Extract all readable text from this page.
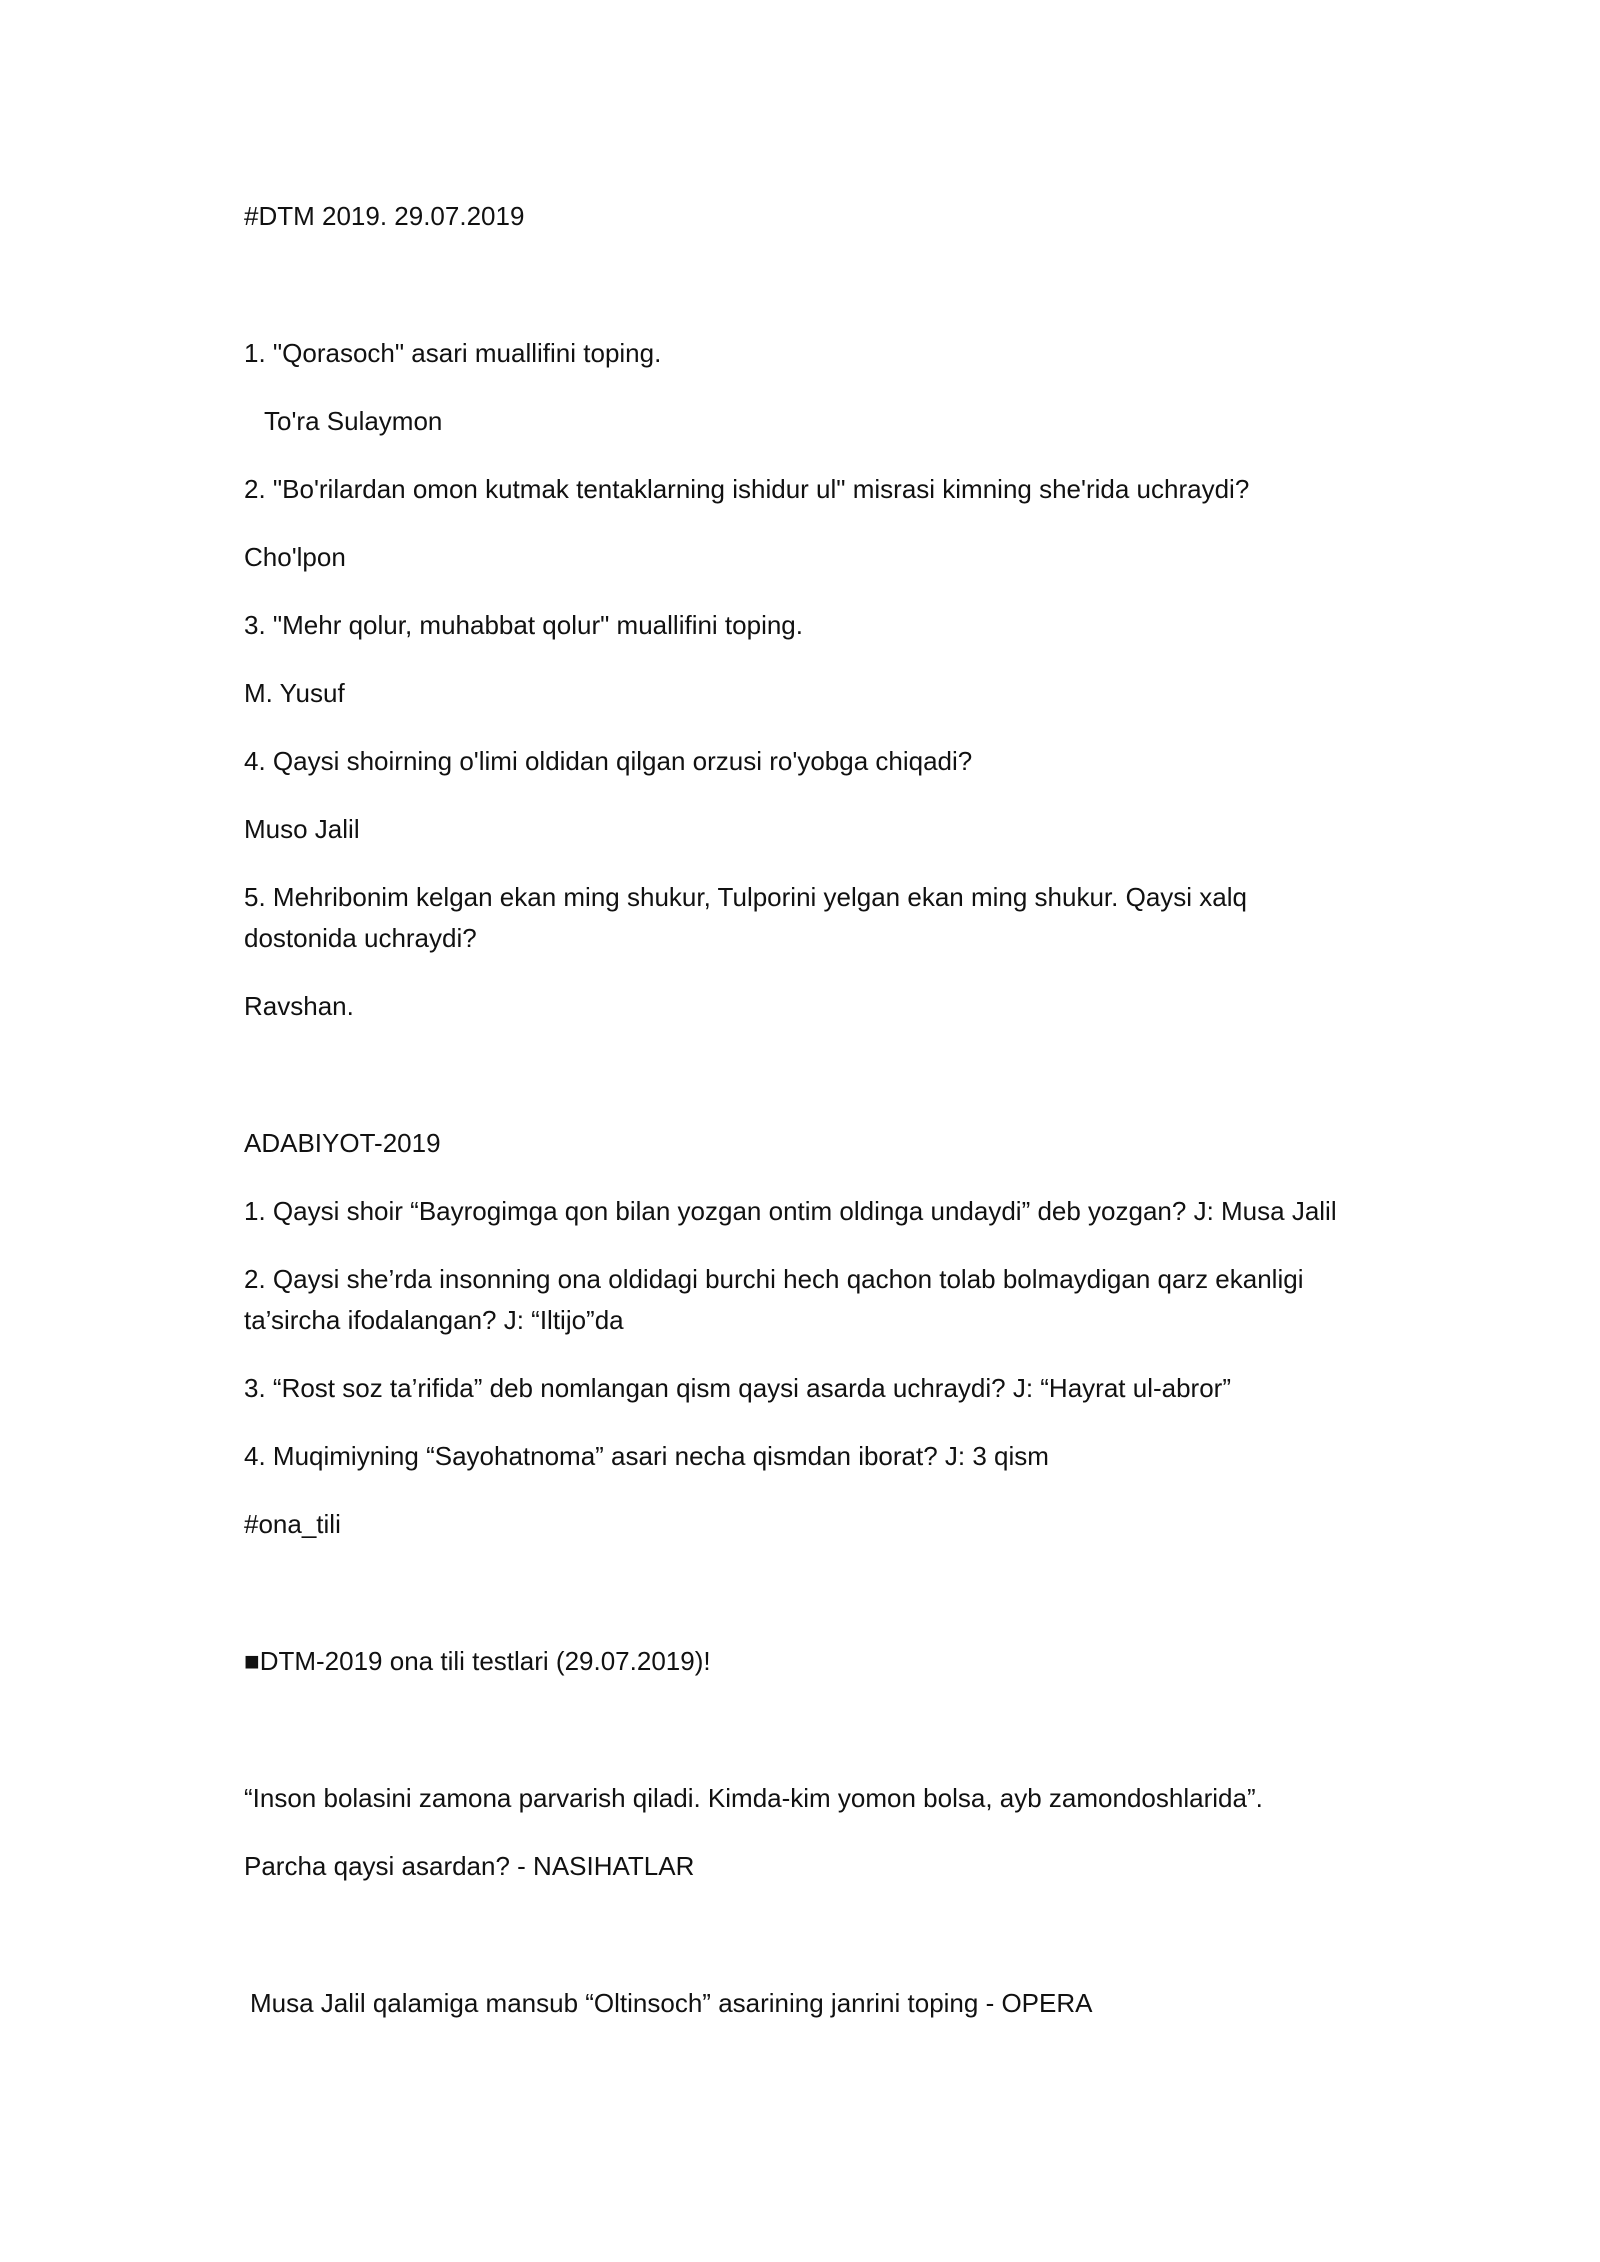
#DTM 2019. 29.07.2019

1. "Qorasoch" asari muallifini toping.

To'ra Sulaymon

2. "Bo'rilardan omon kutmak tentaklarning ishidur ul" misrasi kimning she'rida uchraydi?

Cho'lpon

3. "Mehr qolur, muhabbat qolur" muallifini toping.

M. Yusuf

4. Qaysi shoirning o'limi oldidan qilgan orzusi ro'yobga chiqadi?

Muso Jalil

5. Mehribonim kelgan ekan ming shukur, Tulporini yelgan ekan ming shukur. Qaysi xalq dostonida uchraydi?

Ravshan.

ADABIYOT-2019

1. Qaysi shoir “Bayrogimga qon bilan yozgan ontim oldinga undaydi” deb yozgan? J: Musa Jalil

2. Qaysi she’rda insonning ona oldidagi burchi hech qachon tolab bolmaydigan qarz ekanligi ta’sircha ifodalangan? J: “Iltijo”da

3. “Rost soz ta’rifida” deb nomlangan qism qaysi asarda uchraydi? J: “Hayrat ul-abror”

4. Muqimiyning “Sayohatnoma” asari necha qismdan iborat? J: 3 qism

#ona_tili

■DTM-2019 ona tili testlari (29.07.2019)!

“Inson bolasini zamona parvarish qiladi. Kimda-kim yomon bolsa, ayb zamondoshlarida”.

Parcha qaysi asardan? - NASIHATLAR

Musa Jalil qalamiga mansub “Oltinsoch” asarining janrini toping - OPERA
